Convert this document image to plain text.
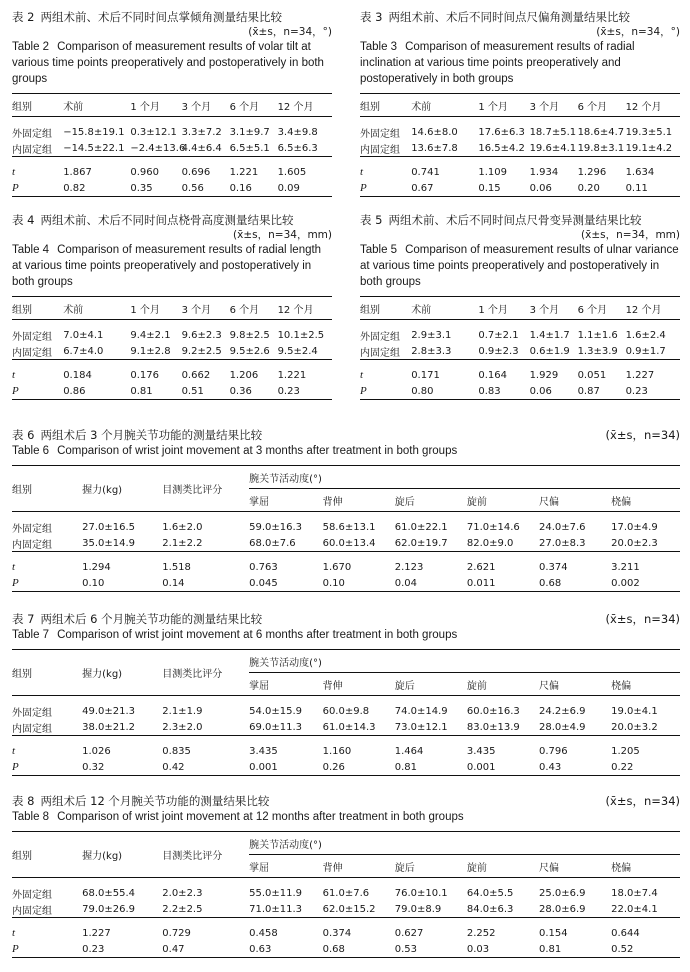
表 2 两组术前、术后不同时间点掌倾角测量结果比较
(x̄±s，n=34，°)
Table 2 Comparison of measurement results of volar tilt at various time points preoperatively and postoperatively in both groups
组别	术前	1 个月	3 个月	6 个月	12 个月

外固定组	−15.8±19.1	0.3±12.1	3.3±7.2	3.1±9.7	3.4±9.8
内固定组	−14.5±22.1	−2.4±13.6	4.4±6.4	6.5±5.1	6.5±6.3

t	1.867	0.960	0.696	1.221	1.605
P	0.82	0.35	0.56	0.16	0.09
表 3 两组术前、术后不同时间点尺偏角测量结果比较
(x̄±s，n=34，°)
Table 3 Comparison of measurement results of radial inclination at various time points preoperatively and postoperatively in both groups
组别	术前	1 个月	3 个月	6 个月	12 个月

外固定组	14.6±8.0	17.6±6.3	18.7±5.1	18.6±4.7	19.3±5.1
内固定组	13.6±7.8	16.5±4.2	19.6±4.1	19.8±3.1	19.1±4.2

t	0.741	1.109	1.934	1.296	1.634
P	0.67	0.15	0.06	0.20	0.11
表 4 两组术前、术后不同时间点桡骨高度测量结果比较
(x̄±s，n=34，mm)
Table 4 Comparison of measurement results of radial length at various time points preoperatively and postoperatively in both groups
组别	术前	1 个月	3 个月	6 个月	12 个月

外固定组	7.0±4.1	9.4±2.1	9.6±2.3	9.8±2.5	10.1±2.5
内固定组	6.7±4.0	9.1±2.8	9.2±2.5	9.5±2.6	9.5±2.4

t	0.184	0.176	0.662	1.206	1.221
P	0.86	0.81	0.51	0.36	0.23
表 5 两组术前、术后不同时间点尺骨变异测量结果比较
(x̄±s，n=34，mm)
Table 5 Comparison of measurement results of ulnar variance at various time points preoperatively and postoperatively in both groups
组别	术前	1 个月	3 个月	6 个月	12 个月

外固定组	2.9±3.1	0.7±2.1	1.4±1.7	1.1±1.6	1.6±2.4
内固定组	2.8±3.3	0.9±2.3	0.6±1.9	1.3±3.9	0.9±1.7

t	0.171	0.164	1.929	0.051	1.227
P	0.80	0.83	0.06	0.87	0.23
表 6 两组术后 3 个月腕关节功能的测量结果比较	(x̄±s，n=34)
Table 6 Comparison of wrist joint movement at 3 months after treatment in both groups
组别	握力(kg)	目测类比评分	腕关节活动度(°)					
			掌屈	背伸	旋后	旋前	尺偏	桡偏

外固定组	27.0±16.5	1.6±2.0	59.0±16.3	58.6±13.1	61.0±22.1	71.0±14.6	24.0±7.6	17.0±4.9
内固定组	35.0±14.9	2.1±2.2	68.0±7.6	60.0±13.4	62.0±19.7	82.0±9.0	27.0±8.3	20.0±2.3

t	1.294	1.518	0.763	1.670	2.123	2.621	0.374	3.211
P	0.10	0.14	0.045	0.10	0.04	0.011	0.68	0.002
表 7 两组术后 6 个月腕关节功能的测量结果比较	(x̄±s，n=34)
Table 7 Comparison of wrist joint movement at 6 months after treatment in both groups
组别	握力(kg)	目测类比评分	腕关节活动度(°)					
			掌屈	背伸	旋后	旋前	尺偏	桡偏

外固定组	49.0±21.3	2.1±1.9	54.0±15.9	60.0±9.8	74.0±14.9	60.0±16.3	24.2±6.9	19.0±4.1
内固定组	38.0±21.2	2.3±2.0	69.0±11.3	61.0±14.3	73.0±12.1	83.0±13.9	28.0±4.9	20.0±3.2

t	1.026	0.835	3.435	1.160	1.464	3.435	0.796	1.205
P	0.32	0.42	0.001	0.26	0.81	0.001	0.43	0.22
表 8 两组术后 12 个月腕关节功能的测量结果比较	(x̄±s，n=34)
Table 8 Comparison of wrist joint movement at 12 months after treatment in both groups
组别	握力(kg)	目测类比评分	腕关节活动度(°)					
			掌屈	背伸	旋后	旋前	尺偏	桡偏

外固定组	68.0±55.4	2.0±2.3	55.0±11.9	61.0±7.6	76.0±10.1	64.0±5.5	25.0±6.9	18.0±7.4
内固定组	79.0±26.9	2.2±2.5	71.0±11.3	62.0±15.2	79.0±8.9	84.0±6.3	28.0±6.9	22.0±4.1

t	1.227	0.729	0.458	0.374	0.627	2.252	0.154	0.644
P	0.23	0.47	0.63	0.68	0.53	0.03	0.81	0.52
